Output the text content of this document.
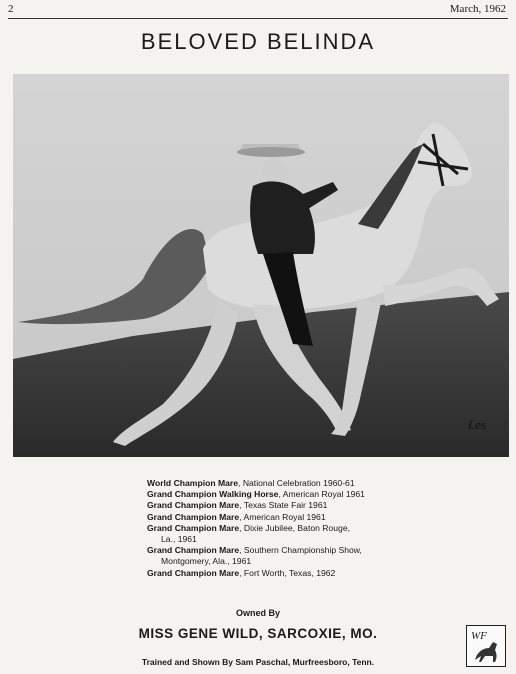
2	March, 1962
BELOVED BELINDA
Les
World Champion Mare, National Celebration 1960-61
Grand Champion Walking Horse, American Royal 1961
Grand Champion Mare, Texas State Fair 1961
Grand Champion Mare, American Royal 1961
Grand Champion Mare, Dixie Jubilee, Baton Rouge,
La., 1961
Grand Champion Mare, Southern Championship Show,
Montgomery, Ala., 1961
Grand Champion Mare, Fort Worth, Texas, 1962
Owned By
MISS GENE WILD, SARCOXIE, MO.
Trained and Shown By Sam Paschal, Murfreesboro, Tenn.
WF
